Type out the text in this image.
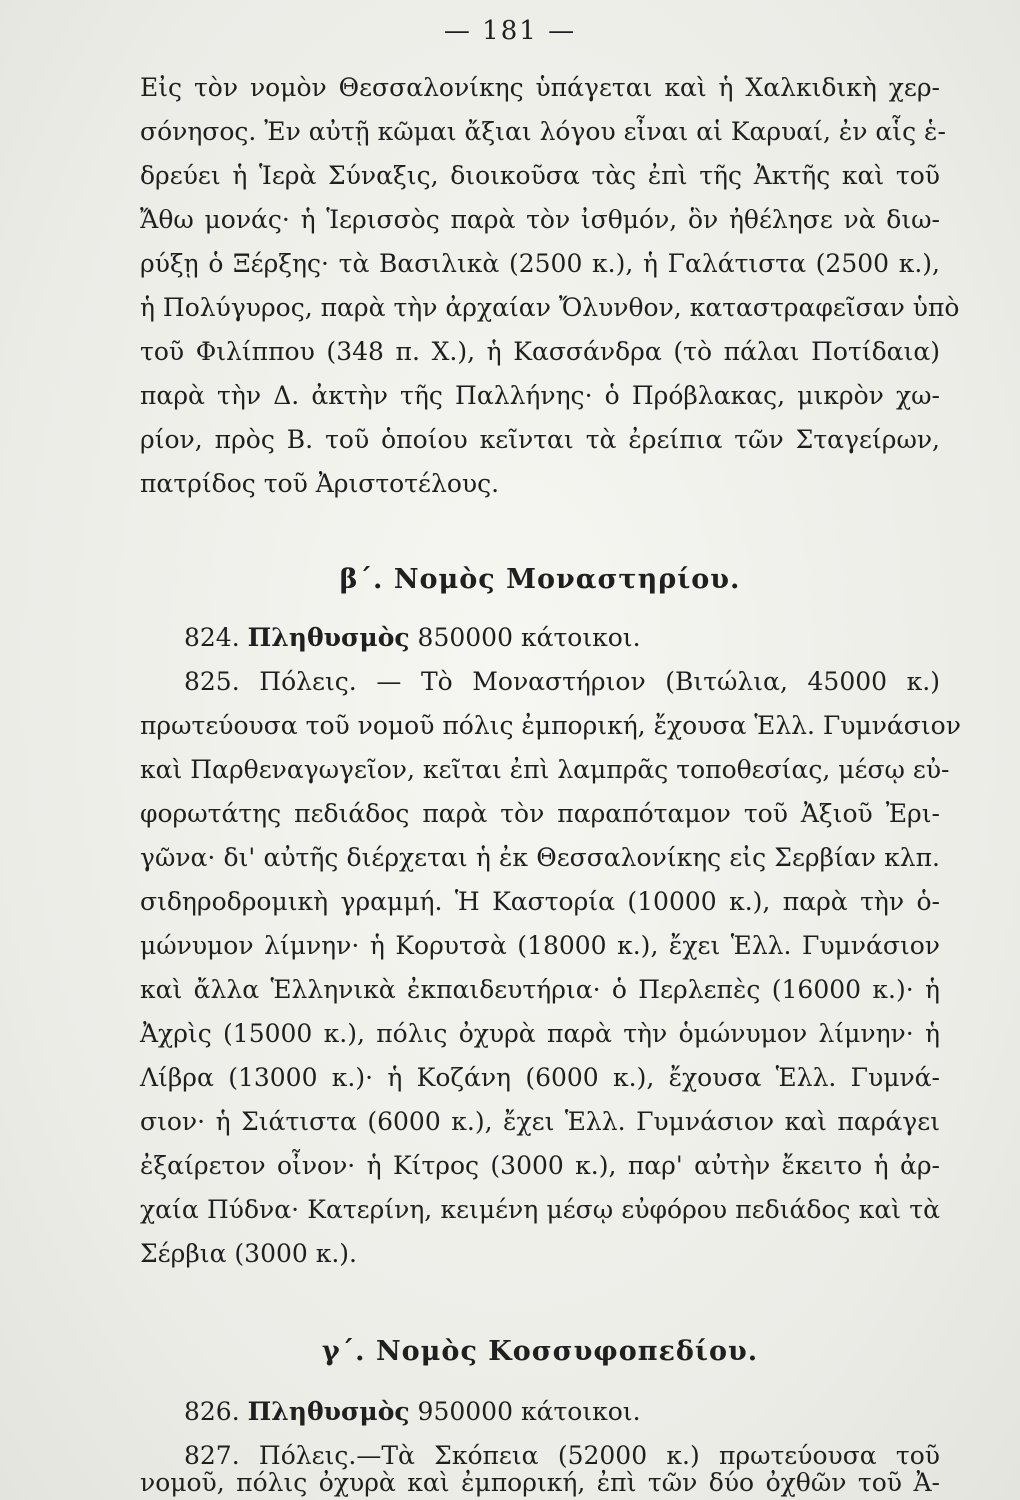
— 181 —
Εἰς τὸν νομὸν Θεσσαλονίκης ὑπάγεται καὶ ἡ Χαλκιδικὴ χερ-
σόνησος. Ἐν αὐτῇ κῶμαι ἄξιαι λόγου εἶναι αἱ Καρυαί, ἐν αἷς ἑ-
δρεύει ἡ Ἱερὰ Σύναξις, διοικοῦσα τὰς ἐπὶ τῆς Ἀκτῆς καὶ τοῦ
Ἄθω μονάς· ἡ Ἱερισσὸς παρὰ τὸν ἰσθμόν, ὃν ἠθέλησε νὰ διω-
ρύξῃ ὁ Ξέρξης· τὰ Βασιλικὰ (2500 κ.), ἡ Γαλάτιστα (2500 κ.),
ἡ Πολύγυρος, παρὰ τὴν ἀρχαίαν Ὄλυνθον, καταστραφεῖσαν ὑπὸ
τοῦ Φιλίππου (348 π. Χ.), ἡ Κασσάνδρα (τὸ πάλαι Ποτίδαια)
παρὰ τὴν Δ. ἀκτὴν τῆς Παλλήνης· ὁ Πρόβλακας, μικρὸν χω-
ρίον, πρὸς Β. τοῦ ὁποίου κεῖνται τὰ ἐρείπια τῶν Σταγείρων,
πατρίδος τοῦ Ἀριστοτέλους.
β΄. Νομὸς Μοναστηρίου.
824. Πληθυσμὸς 850000 κάτοικοι.
825. Πόλεις. — Τὸ Μοναστήριον (Βιτώλια, 45000 κ.)
πρωτεύουσα τοῦ νομοῦ πόλις ἐμπορική, ἔχουσα Ἑλλ. Γυμνάσιον
καὶ Παρθεναγωγεῖον, κεῖται ἐπὶ λαμπρᾶς τοποθεσίας, μέσῳ εὐ-
φορωτάτης πεδιάδος παρὰ τὸν παραπόταμον τοῦ Ἀξιοῦ Ἐρι-
γῶνα· δι' αὐτῆς διέρχεται ἡ ἐκ Θεσσαλονίκης εἰς Σερβίαν κλπ.
σιδηροδρομικὴ γραμμή. Ἡ Καστορία (10000 κ.), παρὰ τὴν ὁ-
μώνυμον λίμνην· ἡ Κορυτσὰ (18000 κ.), ἔχει Ἑλλ. Γυμνάσιον
καὶ ἄλλα Ἑλληνικὰ ἐκπαιδευτήρια· ὁ Περλεπὲς (16000 κ.)· ἡ
Ἀχρὶς (15000 κ.), πόλις ὀχυρὰ παρὰ τὴν ὁμώνυμον λίμνην· ἡ
Λίβρα (13000 κ.)· ἡ Κοζάνη (6000 κ.), ἔχουσα Ἑλλ. Γυμνά-
σιον· ἡ Σιάτιστα (6000 κ.), ἔχει Ἑλλ. Γυμνάσιον καὶ παράγει
ἐξαίρετον οἶνον· ἡ Κίτρος (3000 κ.), παρ' αὐτὴν ἔκειτο ἡ ἀρ-
χαία Πύδνα· Κατερίνη, κειμένη μέσῳ εὐφόρου πεδιάδος καὶ τὰ
Σέρβια (3000 κ.).
γ΄. Νομὸς Κοσσυφοπεδίου.
826. Πληθυσμὸς 950000 κάτοικοι.
827. Πόλεις.—Τὰ Σκόπεια (52000 κ.) πρωτεύουσα τοῦ
νομοῦ, πόλις ὀχυρὰ καὶ ἐμπορική, ἐπὶ τῶν δύο ὀχθῶν τοῦ Ἀ-
